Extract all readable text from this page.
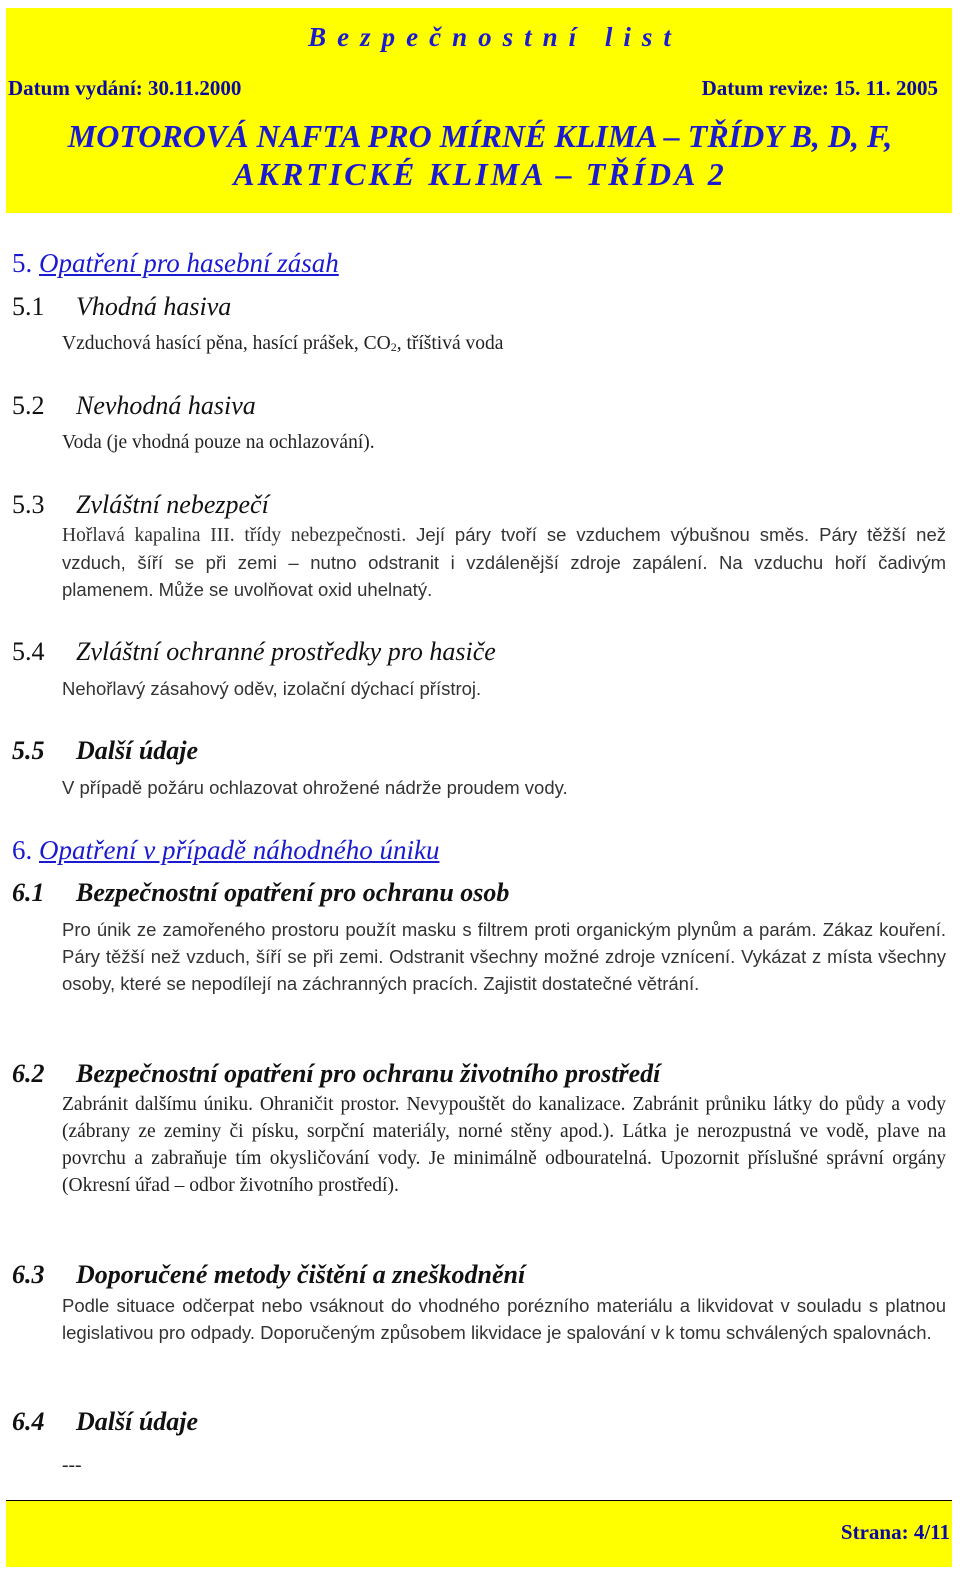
Bezpečnostní list
Datum vydání: 30.11.2000	Datum revize: 15. 11. 2005
MOTOROVÁ NAFTA PRO MÍRNÉ KLIMA – TŘÍDY B, D, F,
AKRTICKÉ KLIMA – TŘÍDA 2
5. Opatření pro hasební zásah
5.1 Vhodná hasiva
Vzduchová hasící pěna, hasící prášek, $CO_2$, tříštivá voda
5.2 Nevhodná hasiva
Voda (je vhodná pouze na ochlazování).
5.3 Zvláštní nebezpečí
Hořlavá kapalina III. třídy nebezpečnosti. Její páry tvoří se vzduchem výbušnou směs. Páry těžší než vzduch, šíří se při zemi – nutno odstranit i vzdálenější zdroje zapálení. Na vzduchu hoří čadivým plamenem. Může se uvolňovat oxid uhelnatý.
5.4 Zvláštní ochranné prostředky pro hasiče
Nehořlavý zásahový oděv, izolační dýchací přístroj.
5.5 Další údaje
V případě požáru ochlazovat ohrožené nádrže proudem vody.
6. Opatření v případě náhodného úniku
6.1 Bezpečnostní opatření pro ochranu osob
Pro únik ze zamořeného prostoru použít masku s filtrem proti organickým plynům a parám. Zákaz kouření. Páry těžší než vzduch, šíří se při zemi. Odstranit všechny možné zdroje vznícení. Vykázat z místa všechny osoby, které se nepodílejí na záchranných pracích. Zajistit dostatečné větrání.
6.2 Bezpečnostní opatření pro ochranu životního prostředí
Zabránit dalšímu úniku. Ohraničit prostor. Nevypouštět do kanalizace. Zabránit průniku látky do půdy a vody (zábrany ze zeminy či písku, sorpční materiály, norné stěny apod.). Látka je nerozpustná ve vodě, plave na povrchu a zabraňuje tím okysličování vody. Je minimálně odbouratelná. Upozornit příslušné správní orgány (Okresní úřad – odbor životního prostředí).
6.3 Doporučené metody čištění a zneškodnění
Podle situace odčerpat nebo vsáknout do vhodného porézního materiálu a likvidovat v souladu s platnou legislativou pro odpady. Doporučeným způsobem likvidace je spalování v k tomu schválených spalovnách.
6.4 Další údaje
---
Strana: 4/11
